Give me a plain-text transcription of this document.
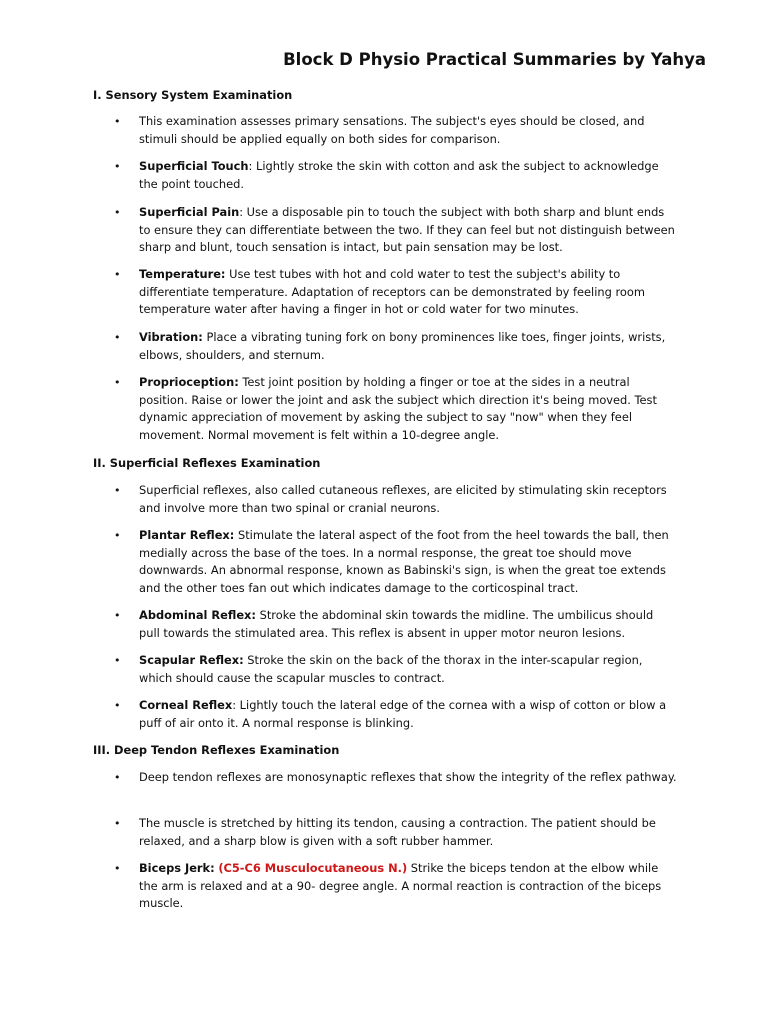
Block D Physio Practical Summaries by Yahya
I. Sensory System Examination
• This examination assesses primary sensations. The subject's eyes should be closed, and stimuli should be applied equally on both sides for comparison.
• Superficial Touch: Lightly stroke the skin with cotton and ask the subject to acknowledge the point touched.
• Superficial Pain: Use a disposable pin to touch the subject with both sharp and blunt ends to ensure they can differentiate between the two. If they can feel but not distinguish between sharp and blunt, touch sensation is intact, but pain sensation may be lost.
• Temperature: Use test tubes with hot and cold water to test the subject's ability to differentiate temperature. Adaptation of receptors can be demonstrated by feeling room temperature water after having a finger in hot or cold water for two minutes.
• Vibration: Place a vibrating tuning fork on bony prominences like toes, finger joints, wrists, elbows, shoulders, and sternum.
• Proprioception: Test joint position by holding a finger or toe at the sides in a neutral position. Raise or lower the joint and ask the subject which direction it's being moved. Test dynamic appreciation of movement by asking the subject to say "now" when they feel movement. Normal movement is felt within a 10-degree angle.
II. Superficial Reflexes Examination
• Superficial reflexes, also called cutaneous reflexes, are elicited by stimulating skin receptors and involve more than two spinal or cranial neurons.
• Plantar Reflex: Stimulate the lateral aspect of the foot from the heel towards the ball, then medially across the base of the toes. In a normal response, the great toe should move downwards. An abnormal response, known as Babinski's sign, is when the great toe extends and the other toes fan out which indicates damage to the corticospinal tract.
• Abdominal Reflex: Stroke the abdominal skin towards the midline. The umbilicus should pull towards the stimulated area. This reflex is absent in upper motor neuron lesions.
• Scapular Reflex: Stroke the skin on the back of the thorax in the inter-scapular region, which should cause the scapular muscles to contract.
• Corneal Reflex: Lightly touch the lateral edge of the cornea with a wisp of cotton or blow a puff of air onto it. A normal response is blinking.
III. Deep Tendon Reflexes Examination
• Deep tendon reflexes are monosynaptic reflexes that show the integrity of the reflex pathway.
• The muscle is stretched by hitting its tendon, causing a contraction. The patient should be relaxed, and a sharp blow is given with a soft rubber hammer.
• Biceps Jerk: (C5-C6 Musculocutaneous N.) Strike the biceps tendon at the elbow while the arm is relaxed and at a 90- degree angle. A normal reaction is contraction of the biceps muscle.
